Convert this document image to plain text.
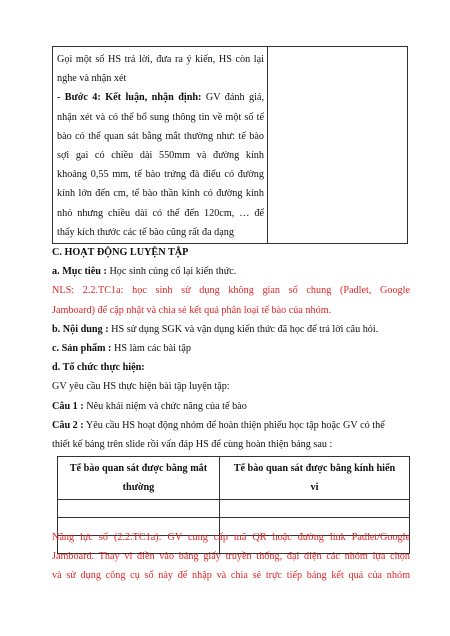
Gọi một số HS trả lời, đưa ra ý kiến, HS còn lại
nghe và nhận xét
- Bước 4: Kết luận, nhận định: GV đánh giá,
nhận xét và có thể bổ sung thông tin về một số tế
bào có thể quan sát bằng mắt thường như: tế bào
sợi gai có chiều dài 550mm và đường kính
khoảng 0,55 mm, tế bào trứng đà điểu có đường
kính lớn đến cm, tế bào thần kinh có đường kính
nhỏ nhưng chiều dài có thể đến 120cm, … để
thấy kích thước các tế bào cũng rất đa dạng
C. HOẠT ĐỘNG LUYỆN TẬP
a. Mục tiêu : Học sinh củng cố lại kiến thức.
NLS: 2.2.TC1a: học sinh sử dụng không gian số chung (Padlet, Google
Jamboard) để cập nhật và chia sẻ kết quả phân loại tế bào của nhóm.
b. Nội dung : HS sử dụng SGK và vận dụng kiến thức đã học để trả lời câu hỏi.
c. Sản phẩm : HS làm các bài tập
d. Tổ chức thực hiện:
GV yêu cầu HS thực hiện bài tập luyện tập:
Câu 1 : Nêu khái niệm và chức năng của tế bào
Câu 2 : Yêu cầu HS hoạt động nhóm để hoàn thiện phiếu học tập hoặc GV có thể
thiết kế bảng trên slide rồi vấn đáp HS để cùng hoàn thiện bảng sau :
Tế bào quan sát được bằng mắt
thường	Tế bào quan sát được bằng kính hiển
vi

Năng lực số (2.2.TC1a): GV cung cấp mã QR hoặc đường link Padlet/Google
Jamboard. Thay vì điền vào bảng giấy truyền thống, đại diện các nhóm lựa chọn
và sử dụng công cụ số này để nhập và chia sẻ trực tiếp bảng kết quả của nhóm
